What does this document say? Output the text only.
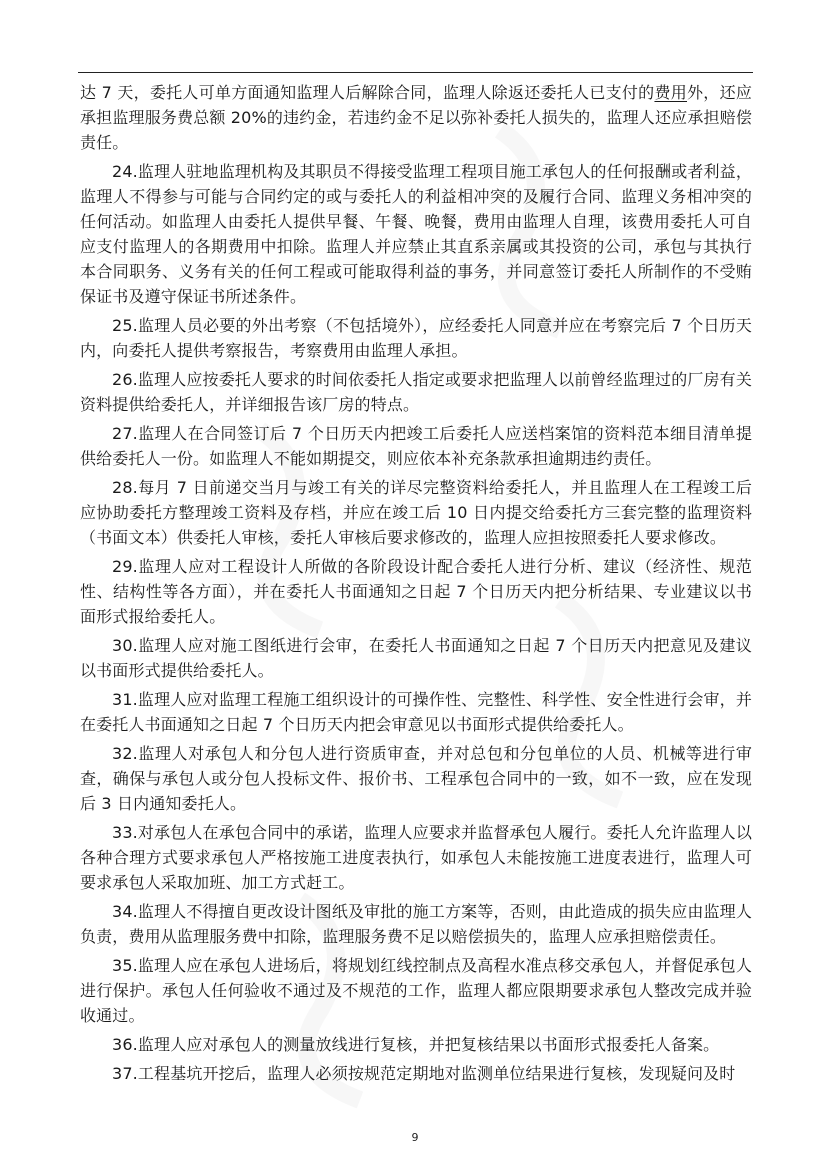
达 7 天，委托人可单方面通知监理人后解除合同，监理人除返还委托人已支付的费用外，还应承担监理服务费总额 20%的违约金，若违约金不足以弥补委托人损失的，监理人还应承担赔偿责任。

24.监理人驻地监理机构及其职员不得接受监理工程项目施工承包人的任何报酬或者利益，监理人不得参与可能与合同约定的或与委托人的利益相冲突的及履行合同、监理义务相冲突的任何活动。如监理人由委托人提供早餐、午餐、晚餐，费用由监理人自理，该费用委托人可自应支付监理人的各期费用中扣除。监理人并应禁止其直系亲属或其投资的公司，承包与其执行本合同职务、义务有关的任何工程或可能取得利益的事务，并同意签订委托人所制作的不受贿保证书及遵守保证书所述条件。

25.监理人员必要的外出考察（不包括境外），应经委托人同意并应在考察完后 7 个日历天内，向委托人提供考察报告，考察费用由监理人承担。

26.监理人应按委托人要求的时间依委托人指定或要求把监理人以前曾经监理过的厂房有关资料提供给委托人，并详细报告该厂房的特点。

27.监理人在合同签订后 7 个日历天内把竣工后委托人应送档案馆的资料范本细目清单提供给委托人一份。如监理人不能如期提交，则应依本补充条款承担逾期违约责任。

28.每月 7 日前递交当月与竣工有关的详尽完整资料给委托人，并且监理人在工程竣工后应协助委托方整理竣工资料及存档，并应在竣工后 10 日内提交给委托方三套完整的监理资料（书面文本）供委托人审核，委托人审核后要求修改的，监理人应担按照委托人要求修改。

29.监理人应对工程设计人所做的各阶段设计配合委托人进行分析、建议（经济性、规范性、结构性等各方面），并在委托人书面通知之日起 7 个日历天内把分析结果、专业建议以书面形式报给委托人。

30.监理人应对施工图纸进行会审，在委托人书面通知之日起 7 个日历天内把意见及建议以书面形式提供给委托人。

31.监理人应对监理工程施工组织设计的可操作性、完整性、科学性、安全性进行会审，并在委托人书面通知之日起 7 个日历天内把会审意见以书面形式提供给委托人。

32.监理人对承包人和分包人进行资质审查，并对总包和分包单位的人员、机械等进行审查，确保与承包人或分包人投标文件、报价书、工程承包合同中的一致，如不一致，应在发现后 3 日内通知委托人。

33.对承包人在承包合同中的承诺，监理人应要求并监督承包人履行。委托人允许监理人以各种合理方式要求承包人严格按施工进度表执行，如承包人未能按施工进度表进行，监理人可要求承包人采取加班、加工方式赶工。

34.监理人不得擅自更改设计图纸及审批的施工方案等，否则，由此造成的损失应由监理人负责，费用从监理服务费中扣除，监理服务费不足以赔偿损失的，监理人应承担赔偿责任。

35.监理人应在承包人进场后，将规划红线控制点及高程水准点移交承包人，并督促承包人进行保护。承包人任何验收不通过及不规范的工作，监理人都应限期要求承包人整改完成并验收通过。

36.监理人应对承包人的测量放线进行复核，并把复核结果以书面形式报委托人备案。

37.工程基坑开挖后，监理人必须按规范定期地对监测单位结果进行复核，发现疑问及时

9
